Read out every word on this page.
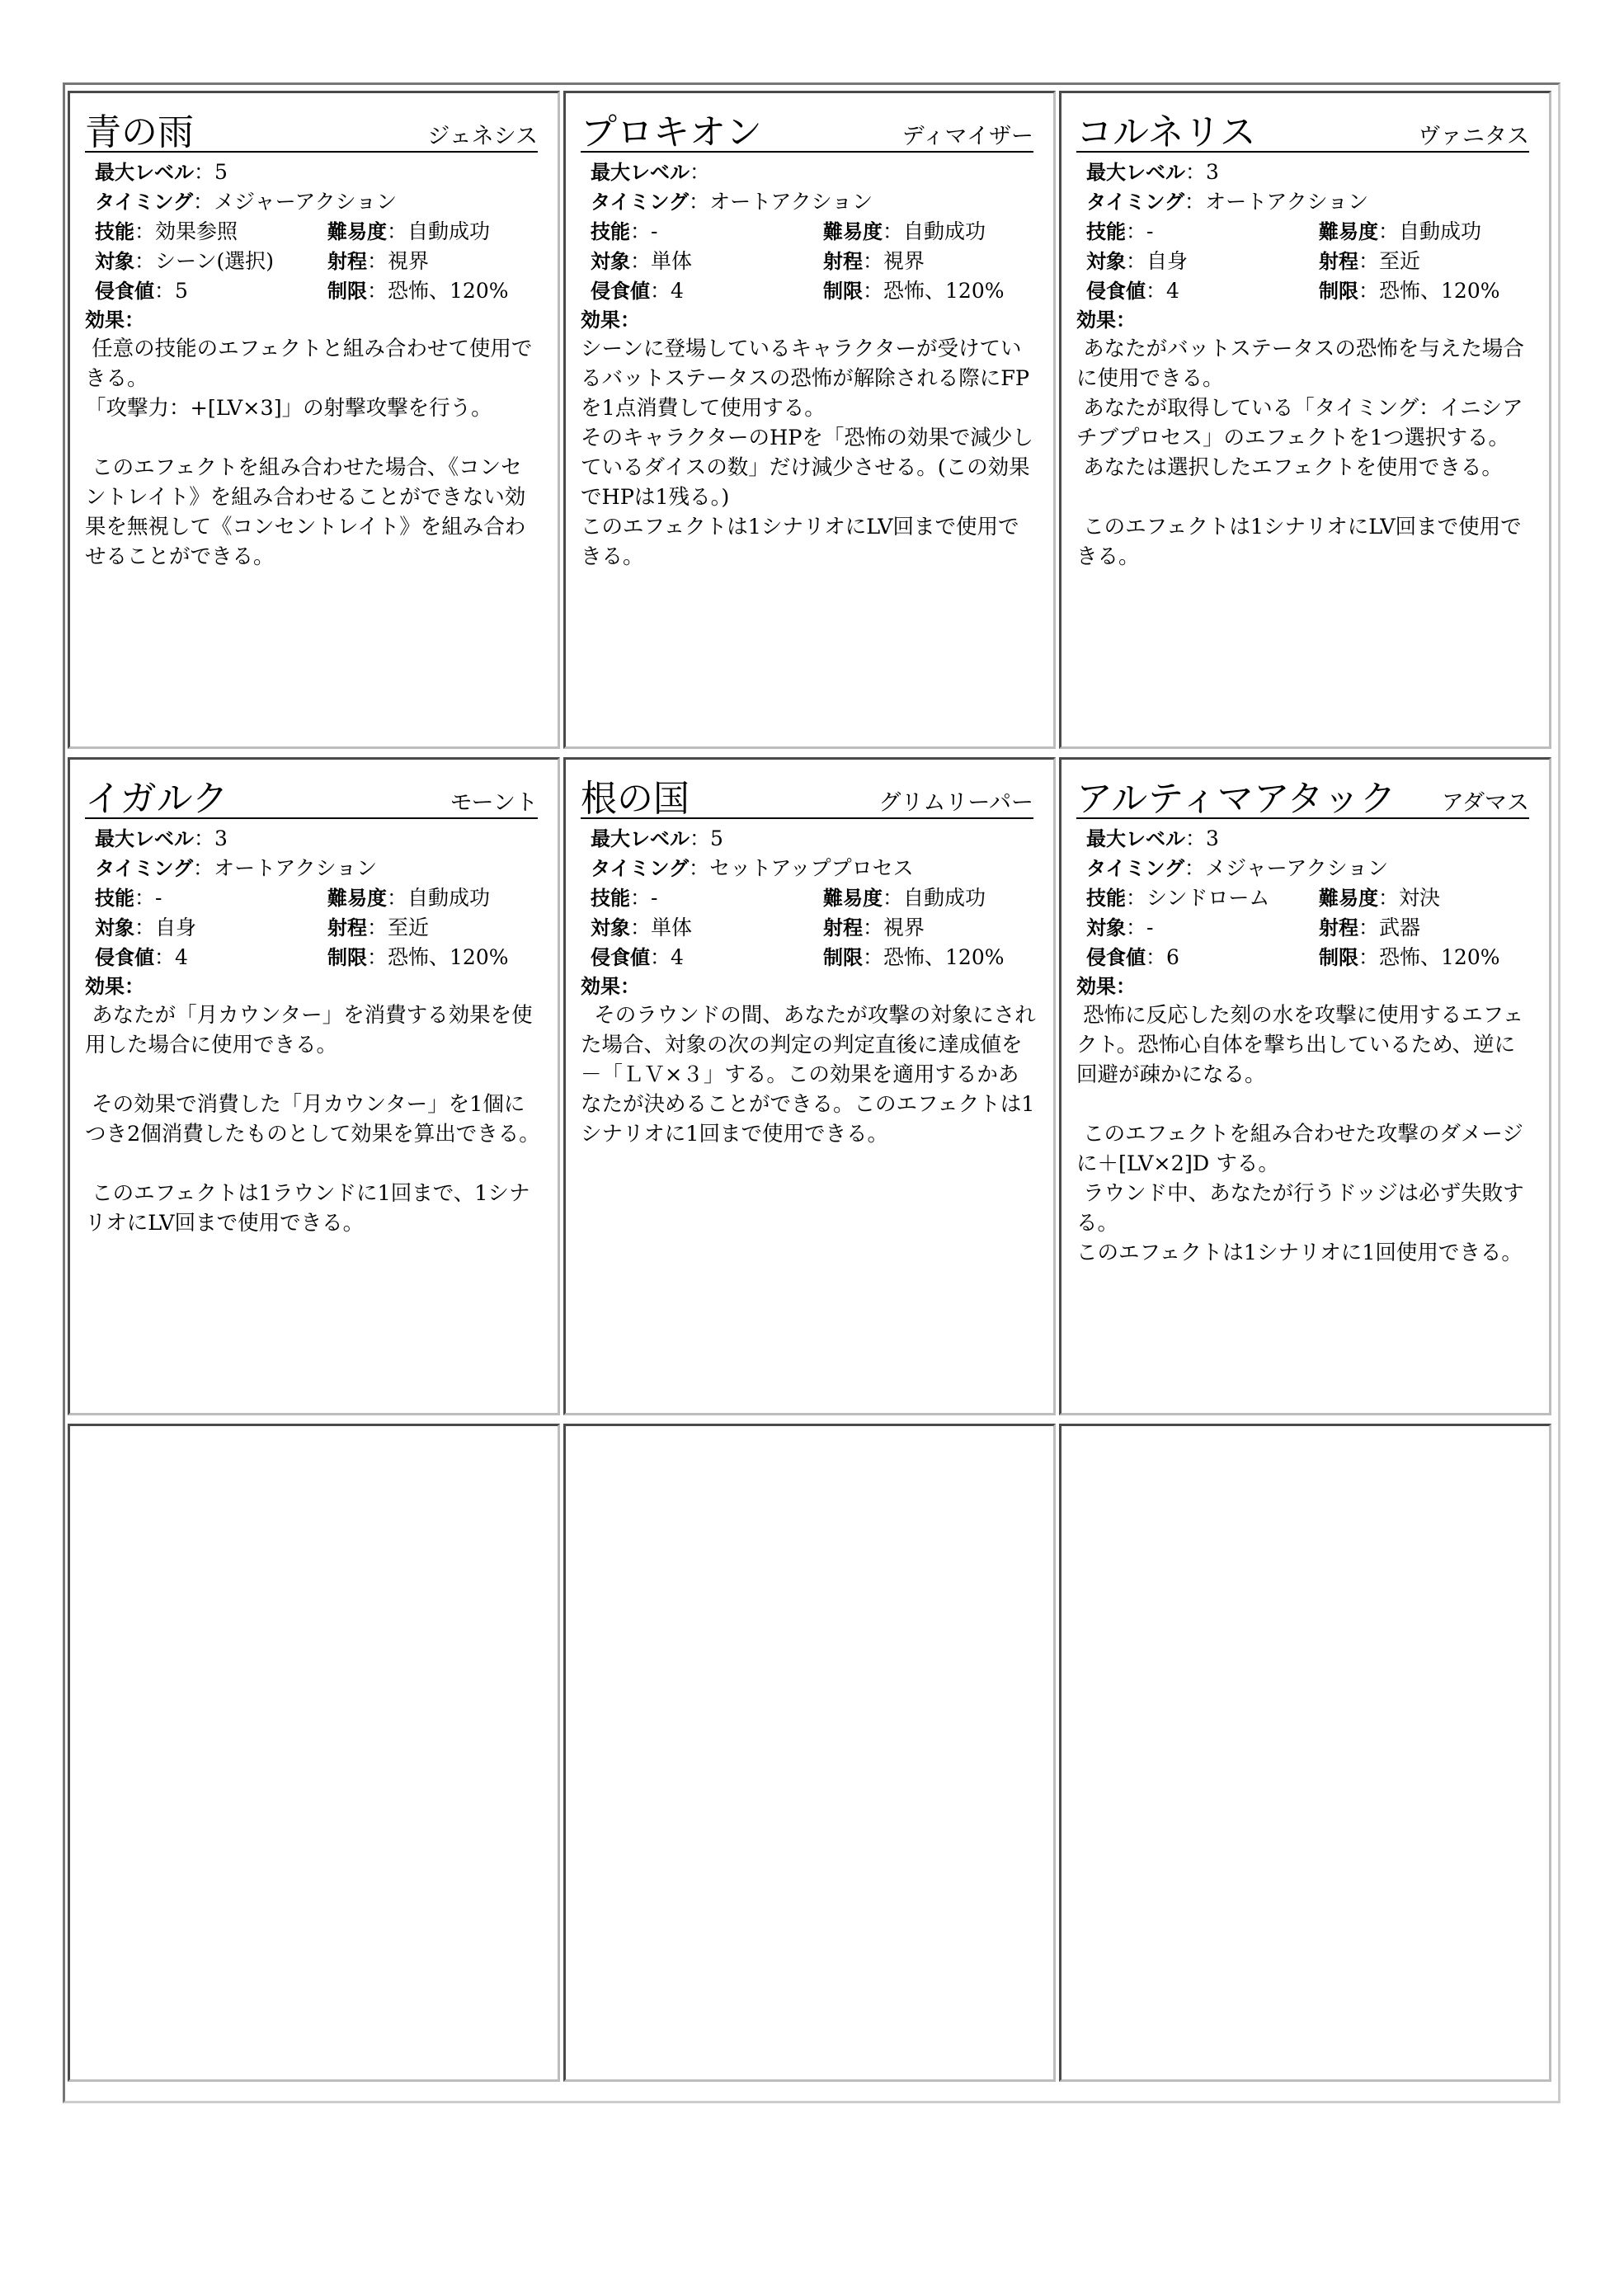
青の雨	ジェネシス
最大レベル：5
タイミング：メジャーアクション
技能：効果参照	難易度：自動成功
対象：シーン(選択)	射程：視界
侵食値：5	制限：恐怖、120%
効果：
任意の技能のエフェクトと組み合わせて使用できる。
「攻撃力：+[LV×3]」の射撃攻撃を行う。

このエフェクトを組み合わせた場合、《コンセントレイト》を組み合わせることができない効果を無視して《コンセントレイト》を組み合わせることができる。
プロキオン	ディマイザー
最大レベル：
タイミング：オートアクション
技能：-	難易度：自動成功
対象：単体	射程：視界
侵食値：4	制限：恐怖、120%
効果：
シーンに登場しているキャラクターが受けているバットステータスの恐怖が解除される際にFPを1点消費して使用する。
そのキャラクターのHPを「恐怖の効果で減少しているダイスの数」だけ減少させる。(この効果でHPは1残る。)
このエフェクトは1シナリオにLV回まで使用できる。
コルネリス	ヴァニタス
最大レベル：3
タイミング：オートアクション
技能：-	難易度：自動成功
対象：自身	射程：至近
侵食値：4	制限：恐怖、120%
効果：
あなたがバットステータスの恐怖を与えた場合に使用できる。
あなたが取得している「タイミング：イニシアチブプロセス」のエフェクトを1つ選択する。
あなたは選択したエフェクトを使用できる。

このエフェクトは1シナリオにLV回まで使用できる。
イガルク	モーント
最大レベル：3
タイミング：オートアクション
技能：-	難易度：自動成功
対象：自身	射程：至近
侵食値：4	制限：恐怖、120%
効果：
あなたが「月カウンター」を消費する効果を使用した場合に使用できる。

その効果で消費した「月カウンター」を1個につき2個消費したものとして効果を算出できる。

このエフェクトは1ラウンドに1回まで、1シナリオにLV回まで使用できる。
根の国	グリムリーパー
最大レベル：5
タイミング：セットアッププロセス
技能：-	難易度：自動成功
対象：単体	射程：視界
侵食値：4	制限：恐怖、120%
効果：
そのラウンドの間、あなたが攻撃の対象にされた場合、対象の次の判定の判定直後に達成値を－「ＬＶ×３」する。この効果を適用するかあなたが決めることができる。このエフェクトは1シナリオに1回まで使用できる。
アルティマアタック アダマス
最大レベル：3
タイミング：メジャーアクション
技能：シンドローム 難易度：対決
対象：-	射程：武器
侵食値：6	制限：恐怖、120%
効果：
恐怖に反応した刻の水を攻撃に使用するエフェクト。恐怖心自体を撃ち出しているため、逆に回避が疎かになる。

このエフェクトを組み合わせた攻撃のダメージに＋[LV×2]D する。
ラウンド中、あなたが行うドッジは必ず失敗する。
このエフェクトは1シナリオに1回使用できる。
